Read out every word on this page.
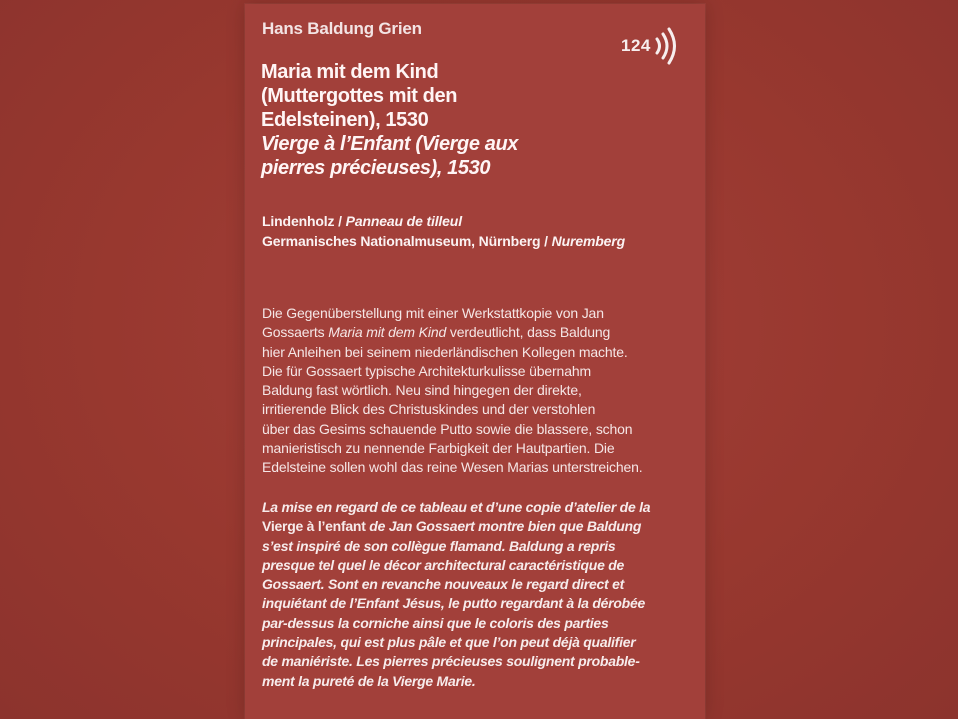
Hans Baldung Grien
124
Maria mit dem Kind
(Muttergottes mit den
Edelsteinen), 1530
Vierge à l’Enfant (Vierge aux
pierres précieuses), 1530
Lindenholz / Panneau de tilleul
Germanisches Nationalmuseum, Nürnberg / Nuremberg
Die Gegenüberstellung mit einer Werkstattkopie von Jan
Gossaerts Maria mit dem Kind verdeutlicht, dass Baldung
hier Anleihen bei seinem niederländischen Kollegen machte.
Die für Gossaert typische Architekturkulisse übernahm
Baldung fast wörtlich. Neu sind hingegen der direkte,
irritierende Blick des Christuskindes und der verstohlen
über das Gesims schauende Putto sowie die blassere, schon
manieristisch zu nennende Farbigkeit der Hautpartien. Die
Edelsteine sollen wohl das reine Wesen Marias unterstreichen.
La mise en regard de ce tableau et d’une copie d’atelier de la
Vierge à l’enfant de Jan Gossaert montre bien que Baldung
s’est inspiré de son collègue flamand. Baldung a repris
presque tel quel le décor architectural caractéristique de
Gossaert. Sont en revanche nouveaux le regard direct et
inquiétant de l’Enfant Jésus, le putto regardant à la dérobée
par-dessus la corniche ainsi que le coloris des parties
principales, qui est plus pâle et que l’on peut déjà qualifier
de maniériste. Les pierres précieuses soulignent probable-
ment la pureté de la Vierge Marie.
